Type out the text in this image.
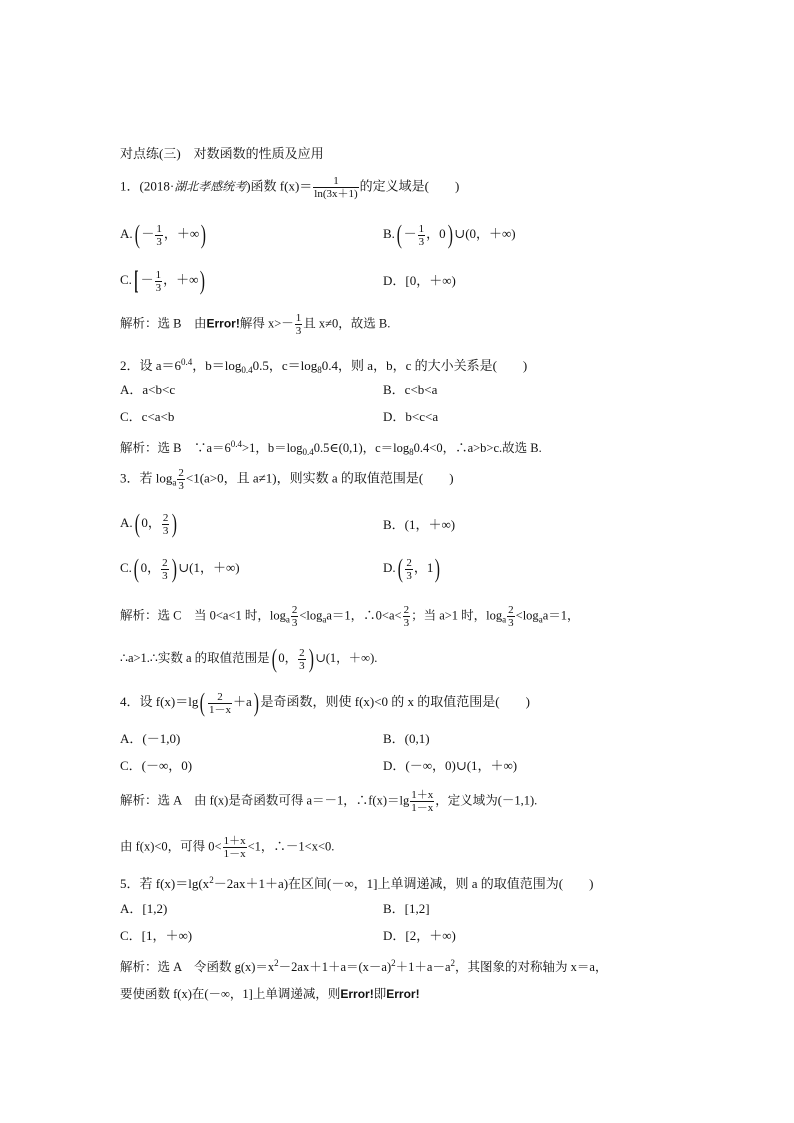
对点练(三)　对数函数的性质及应用
1．(2018·湖北孝感统考)函数 $f(x)= \frac{1}{\ln(3x+1)}$ 的定义域是(　　)
$A.( - \frac{1}{3}$ ，＋∞)	$B.( - \frac{1}{3}$ ，0) ∪(0，＋∞)
$C.[ - \frac{1}{3}$ ，＋∞)	D．[0，＋∞)
解析：选 B　由Error!解得 $x>- \frac{1}{3}$ 且 x≠0，故选 B.
2．设 $a=6^{0.4}$，$b=\log_{0.4}0.5$，$c=\log_80.4$，则 a，b，c 的大小关系是(　　)
A．a<b<c	B．c<b<a
C．c<a<b	D．b<c<a
解析：选 B　$\because a=6^{0.4}>1$，$b=\log_{0.4}0.5\in(0,1)$，$c=\log_80.4<0$，∴a>b>c.故选 B.
3．若 $\log_a \frac{2}{3} <1(a>0$，且 a≠1)，则实数 a 的取值范围是(　　)
A.( 0， $\frac{2}{3}$ )	B．(1，＋∞)
C.( 0， $\frac{2}{3}$ ) ∪(1，＋∞)	$D.( \frac{2}{3}$ ，1)
解析：选 C　当 0<a<1 时，$\log_a \frac{2}{3} <\log_aa=1$，∴0<a< $\frac{2}{3}$ ；当 a>1 时，$\log_a \frac{2}{3} <\log_aa=1$，
∴a>1.∴实数 a 的取值范围是( 0， $\frac{2}{3}$ ) ∪(1，＋∞).
4．设 $f(x)=\lg( \frac{2}{1-x} +a)$ 是奇函数，则使 f(x)<0 的 x 的取值范围是(　　)
A．(－1,0)	B．(0,1)
C．(－∞，0)	D．(－∞，0)∪(1，＋∞)
解析：选 A　由 f(x)是奇函数可得 a＝－1，∴f(x)＝lg $\frac{1+x}{1-x}$ ，定义域为(－1,1).
由 f(x)<0，可得 $0< \frac{1+x}{1-x} <1$，∴－1<x<0.
5．若 $f(x)=\lg(x^2-2ax+1+a)$在区间(－∞，1]上单调递减，则 a 的取值范围为(　　)
A．[1,2)	B．[1,2]
C．[1，＋∞)	D．[2，＋∞)
解析：选 A　令函数 $g(x)=x^2-2ax+1+a=(x-a)^2+1+a-a^2$，其图象的对称轴为 x＝a，
要使函数 f(x)在(－∞，1]上单调递减，则Error!即Error!
